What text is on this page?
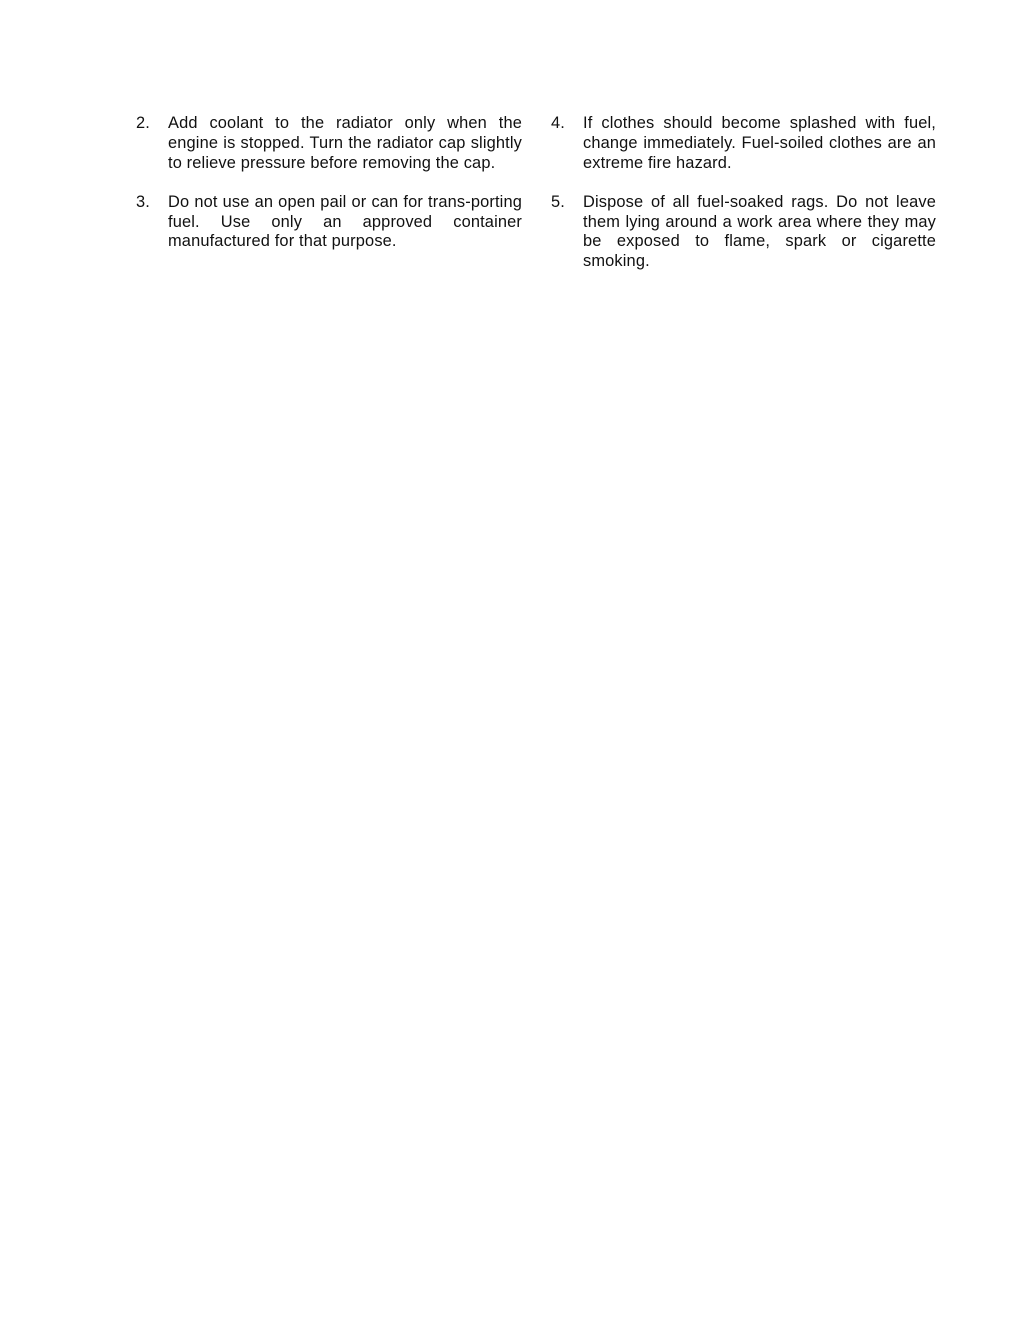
2.	Add coolant to the radiator only when the engine is stopped. Turn the radiator cap slightly to relieve pressure before removing the cap.

3.	Do not use an open pail or can for trans-porting fuel. Use only an approved container manufactured for that purpose.

4.	If clothes should become splashed with fuel, change immediately. Fuel-soiled clothes are an extreme fire hazard.

5.	Dispose of all fuel-soaked rags. Do not leave them lying around a work area where they may be exposed to flame, spark or cigarette smoking.
